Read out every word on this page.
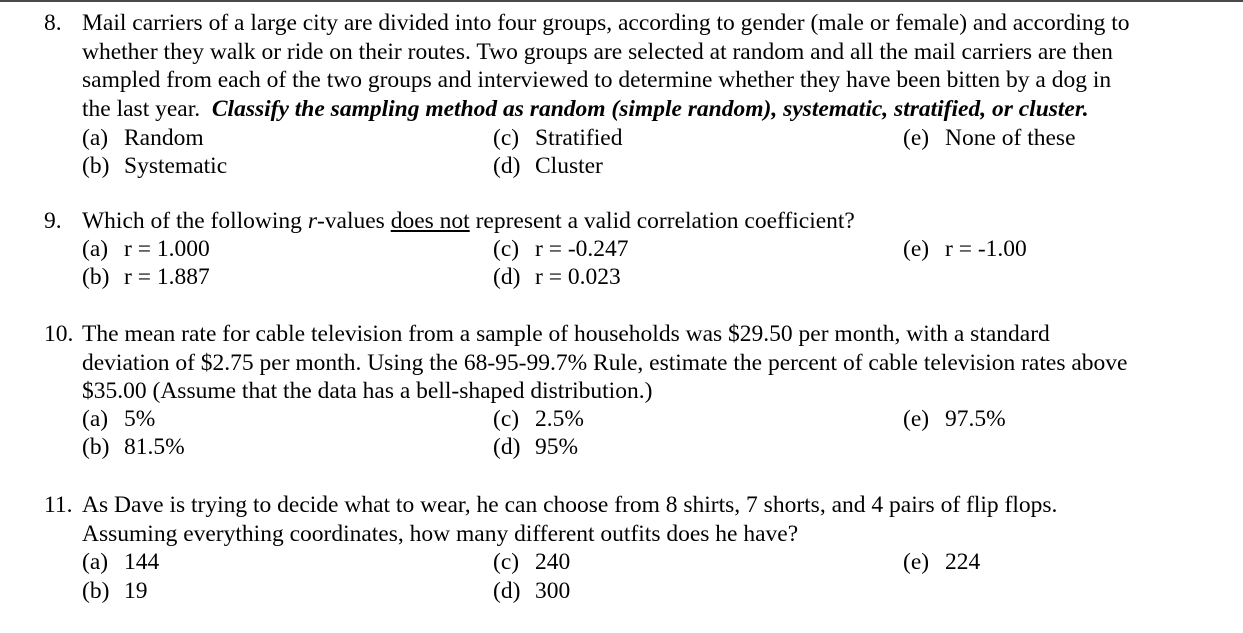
8. Mail carriers of a large city are divided into four groups, according to gender (male or female) and according to
whether they walk or ride on their routes. Two groups are selected at random and all the mail carriers are then
sampled from each of the two groups and interviewed to determine whether they have been bitten by a dog in
the last year.  Classify the sampling method as random (simple random), systematic, stratified, or cluster.
(a) Random
(b) Systematic
(c) Stratified
(d) Cluster
(e) None of these
9. Which of the following r-values does not represent a valid correlation coefficient?
(a) r = 1.000
(b) r = 1.887
(c) r = -0.247
(d) r = 0.023
(e) r = -1.00
10. The mean rate for cable television from a sample of households was $29.50 per month, with a standard
deviation of $2.75 per month. Using the 68-95-99.7% Rule, estimate the percent of cable television rates above
$35.00 (Assume that the data has a bell-shaped distribution.)
(a) 5%
(b) 81.5%
(c) 2.5%
(d) 95%
(e) 97.5%
11. As Dave is trying to decide what to wear, he can choose from 8 shirts, 7 shorts, and 4 pairs of flip flops.
Assuming everything coordinates, how many different outfits does he have?
(a) 144
(b) 19
(c) 240
(d) 300
(e) 224
